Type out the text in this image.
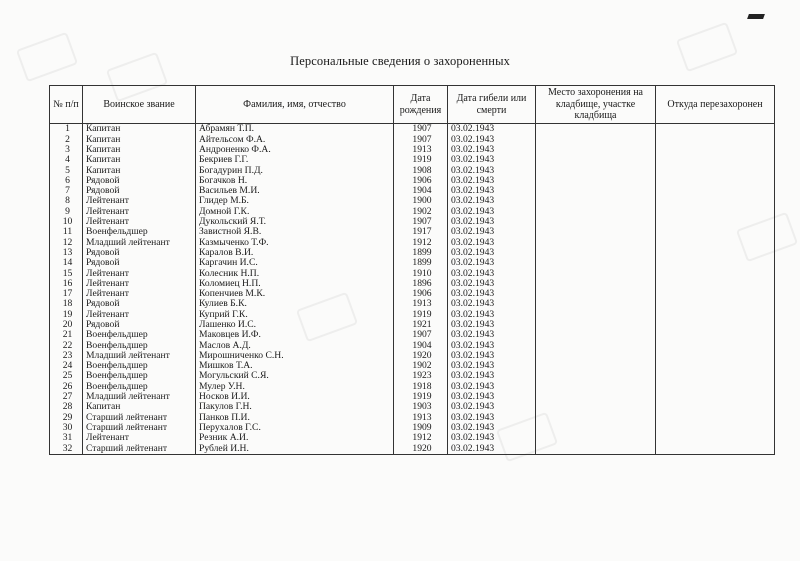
Персональные сведения о захороненных
№ п/п	Воинское звание	Фамилия, имя, отчество	Дата рождения	Дата гибели или смерти	Место захоронения на кладбище, участке кладбища	Откуда перезахоронен
1	Капитан	Абрамян Т.П.	1907	03.02.1943		
2	Капитан	Айтельсом Ф.А.	1907	03.02.1943		
3	Капитан	Андроненко Ф.А.	1913	03.02.1943		
4	Капитан	Бекриев Г.Г.	1919	03.02.1943		
5	Капитан	Богадурин П.Д.	1908	03.02.1943		
6	Рядовой	Богачков Н.	1906	03.02.1943		
7	Рядовой	Васильев М.И.	1904	03.02.1943		
8	Лейтенант	Глидер М.Б.	1900	03.02.1943		
9	Лейтенант	Домной Г.К.	1902	03.02.1943		
10	Лейтенант	Дукольский Я.Т.	1907	03.02.1943		
11	Военфельдшер	Завистной Я.В.	1917	03.02.1943		
12	Младший лейтенант	Казмыченко Т.Ф.	1912	03.02.1943		
13	Рядовой	Каралов В.И.	1899	03.02.1943		
14	Рядовой	Каргачин И.С.	1899	03.02.1943		
15	Лейтенант	Колесник Н.П.	1910	03.02.1943		
16	Лейтенант	Коломиец Н.П.	1896	03.02.1943		
17	Лейтенант	Копенчиев М.К.	1906	03.02.1943		
18	Рядовой	Кулиев Б.К.	1913	03.02.1943		
19	Лейтенант	Куприй Г.К.	1919	03.02.1943		
20	Рядовой	Лашенко И.С.	1921	03.02.1943		
21	Военфельдшер	Маковцев И.Ф.	1907	03.02.1943		
22	Военфельдшер	Маслов А.Д.	1904	03.02.1943		
23	Младший лейтенант	Мирошниченко С.Н.	1920	03.02.1943		
24	Военфельдшер	Мишков Т.А.	1902	03.02.1943		
25	Военфельдшер	Могульский С.Я.	1923	03.02.1943		
26	Военфельдшер	Мулер У.Н.	1918	03.02.1943		
27	Младший лейтенант	Носков И.И.	1919	03.02.1943		
28	Капитан	Пакулов Г.Н.	1903	03.02.1943		
29	Старший лейтенант	Панков П.И.	1913	03.02.1943		
30	Старший лейтенант	Перухалов Г.С.	1909	03.02.1943		
31	Лейтенант	Резник А.И.	1912	03.02.1943		
32	Старший лейтенант	Рублей И.Н.	1920	03.02.1943		
